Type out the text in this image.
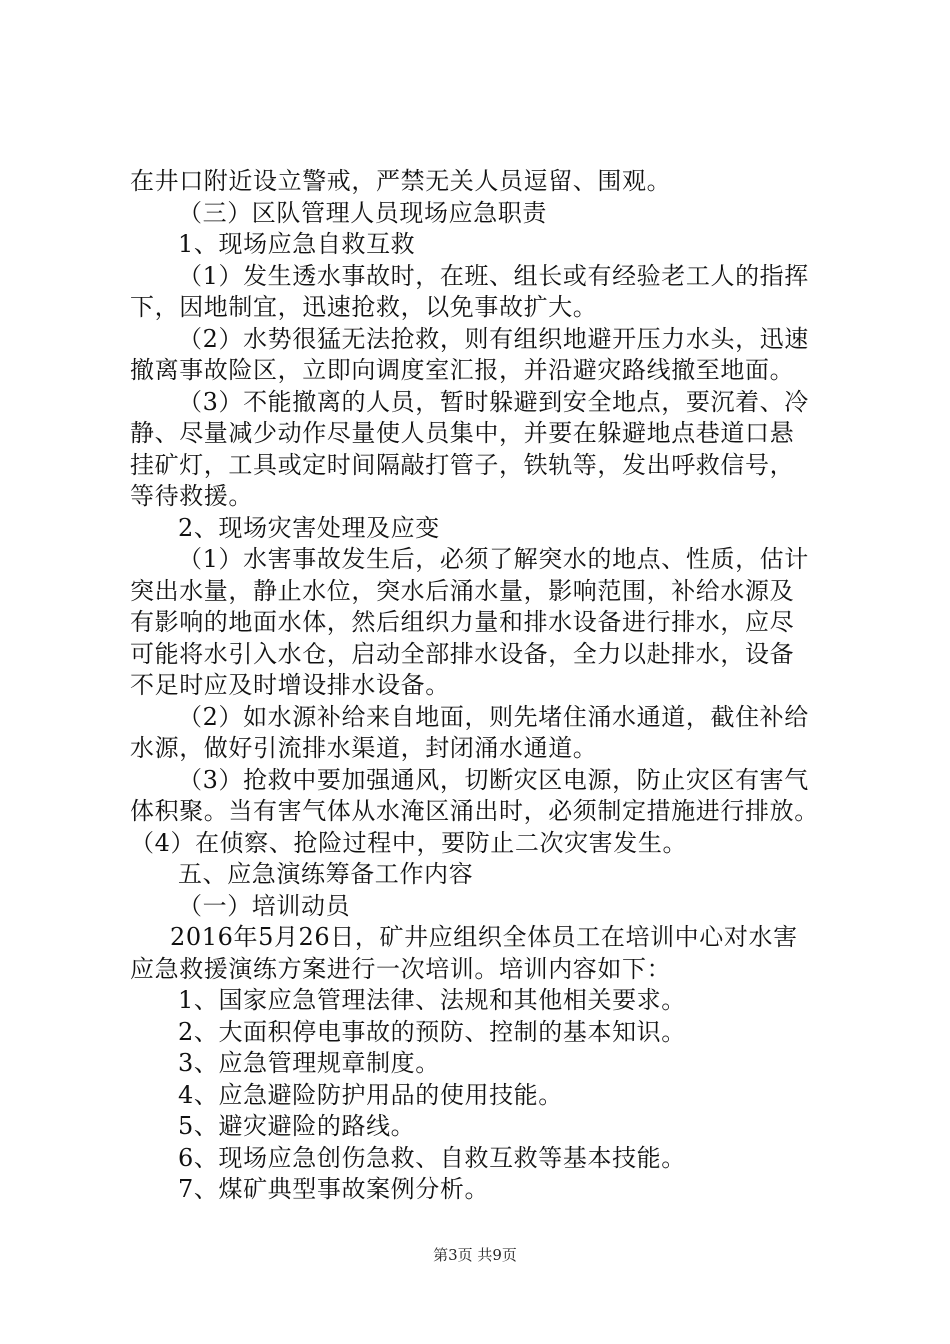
在井口附近设立警戒，严禁无关人员逗留、围观。
（三）区队管理人员现场应急职责
1、现场应急自救互救
（1）发生透水事故时，在班、组长或有经验老工人的指挥
下，因地制宜，迅速抢救，以免事故扩大。
（2）水势很猛无法抢救，则有组织地避开压力水头，迅速
撤离事故险区，立即向调度室汇报，并沿避灾路线撤至地面。
（3）不能撤离的人员，暂时躲避到安全地点，要沉着、冷
静、尽量减少动作尽量使人员集中，并要在躲避地点巷道口悬
挂矿灯，工具或定时间隔敲打管子，铁轨等，发出呼救信号，
等待救援。
2、现场灾害处理及应变
（1）水害事故发生后，必须了解突水的地点、性质，估计
突出水量，静止水位，突水后涌水量，影响范围，补给水源及
有影响的地面水体，然后组织力量和排水设备进行排水，应尽
可能将水引入水仓，启动全部排水设备，全力以赴排水，设备
不足时应及时增设排水设备。
（2）如水源补给来自地面，则先堵住涌水通道，截住补给
水源，做好引流排水渠道，封闭涌水通道。
（3）抢救中要加强通风，切断灾区电源，防止灾区有害气
体积聚。当有害气体从水淹区涌出时，必须制定措施进行排放。
（4）在侦察、抢险过程中，要防止二次灾害发生。
五、应急演练筹备工作内容
（一）培训动员
2016年5月26日，矿井应组织全体员工在培训中心对水害
应急救援演练方案进行一次培训。培训内容如下：
1、国家应急管理法律、法规和其他相关要求。
2、大面积停电事故的预防、控制的基本知识。
3、应急管理规章制度。
4、应急避险防护用品的使用技能。
5、避灾避险的路线。
6、现场应急创伤急救、自救互救等基本技能。
7、煤矿典型事故案例分析。
第3页 共9页
